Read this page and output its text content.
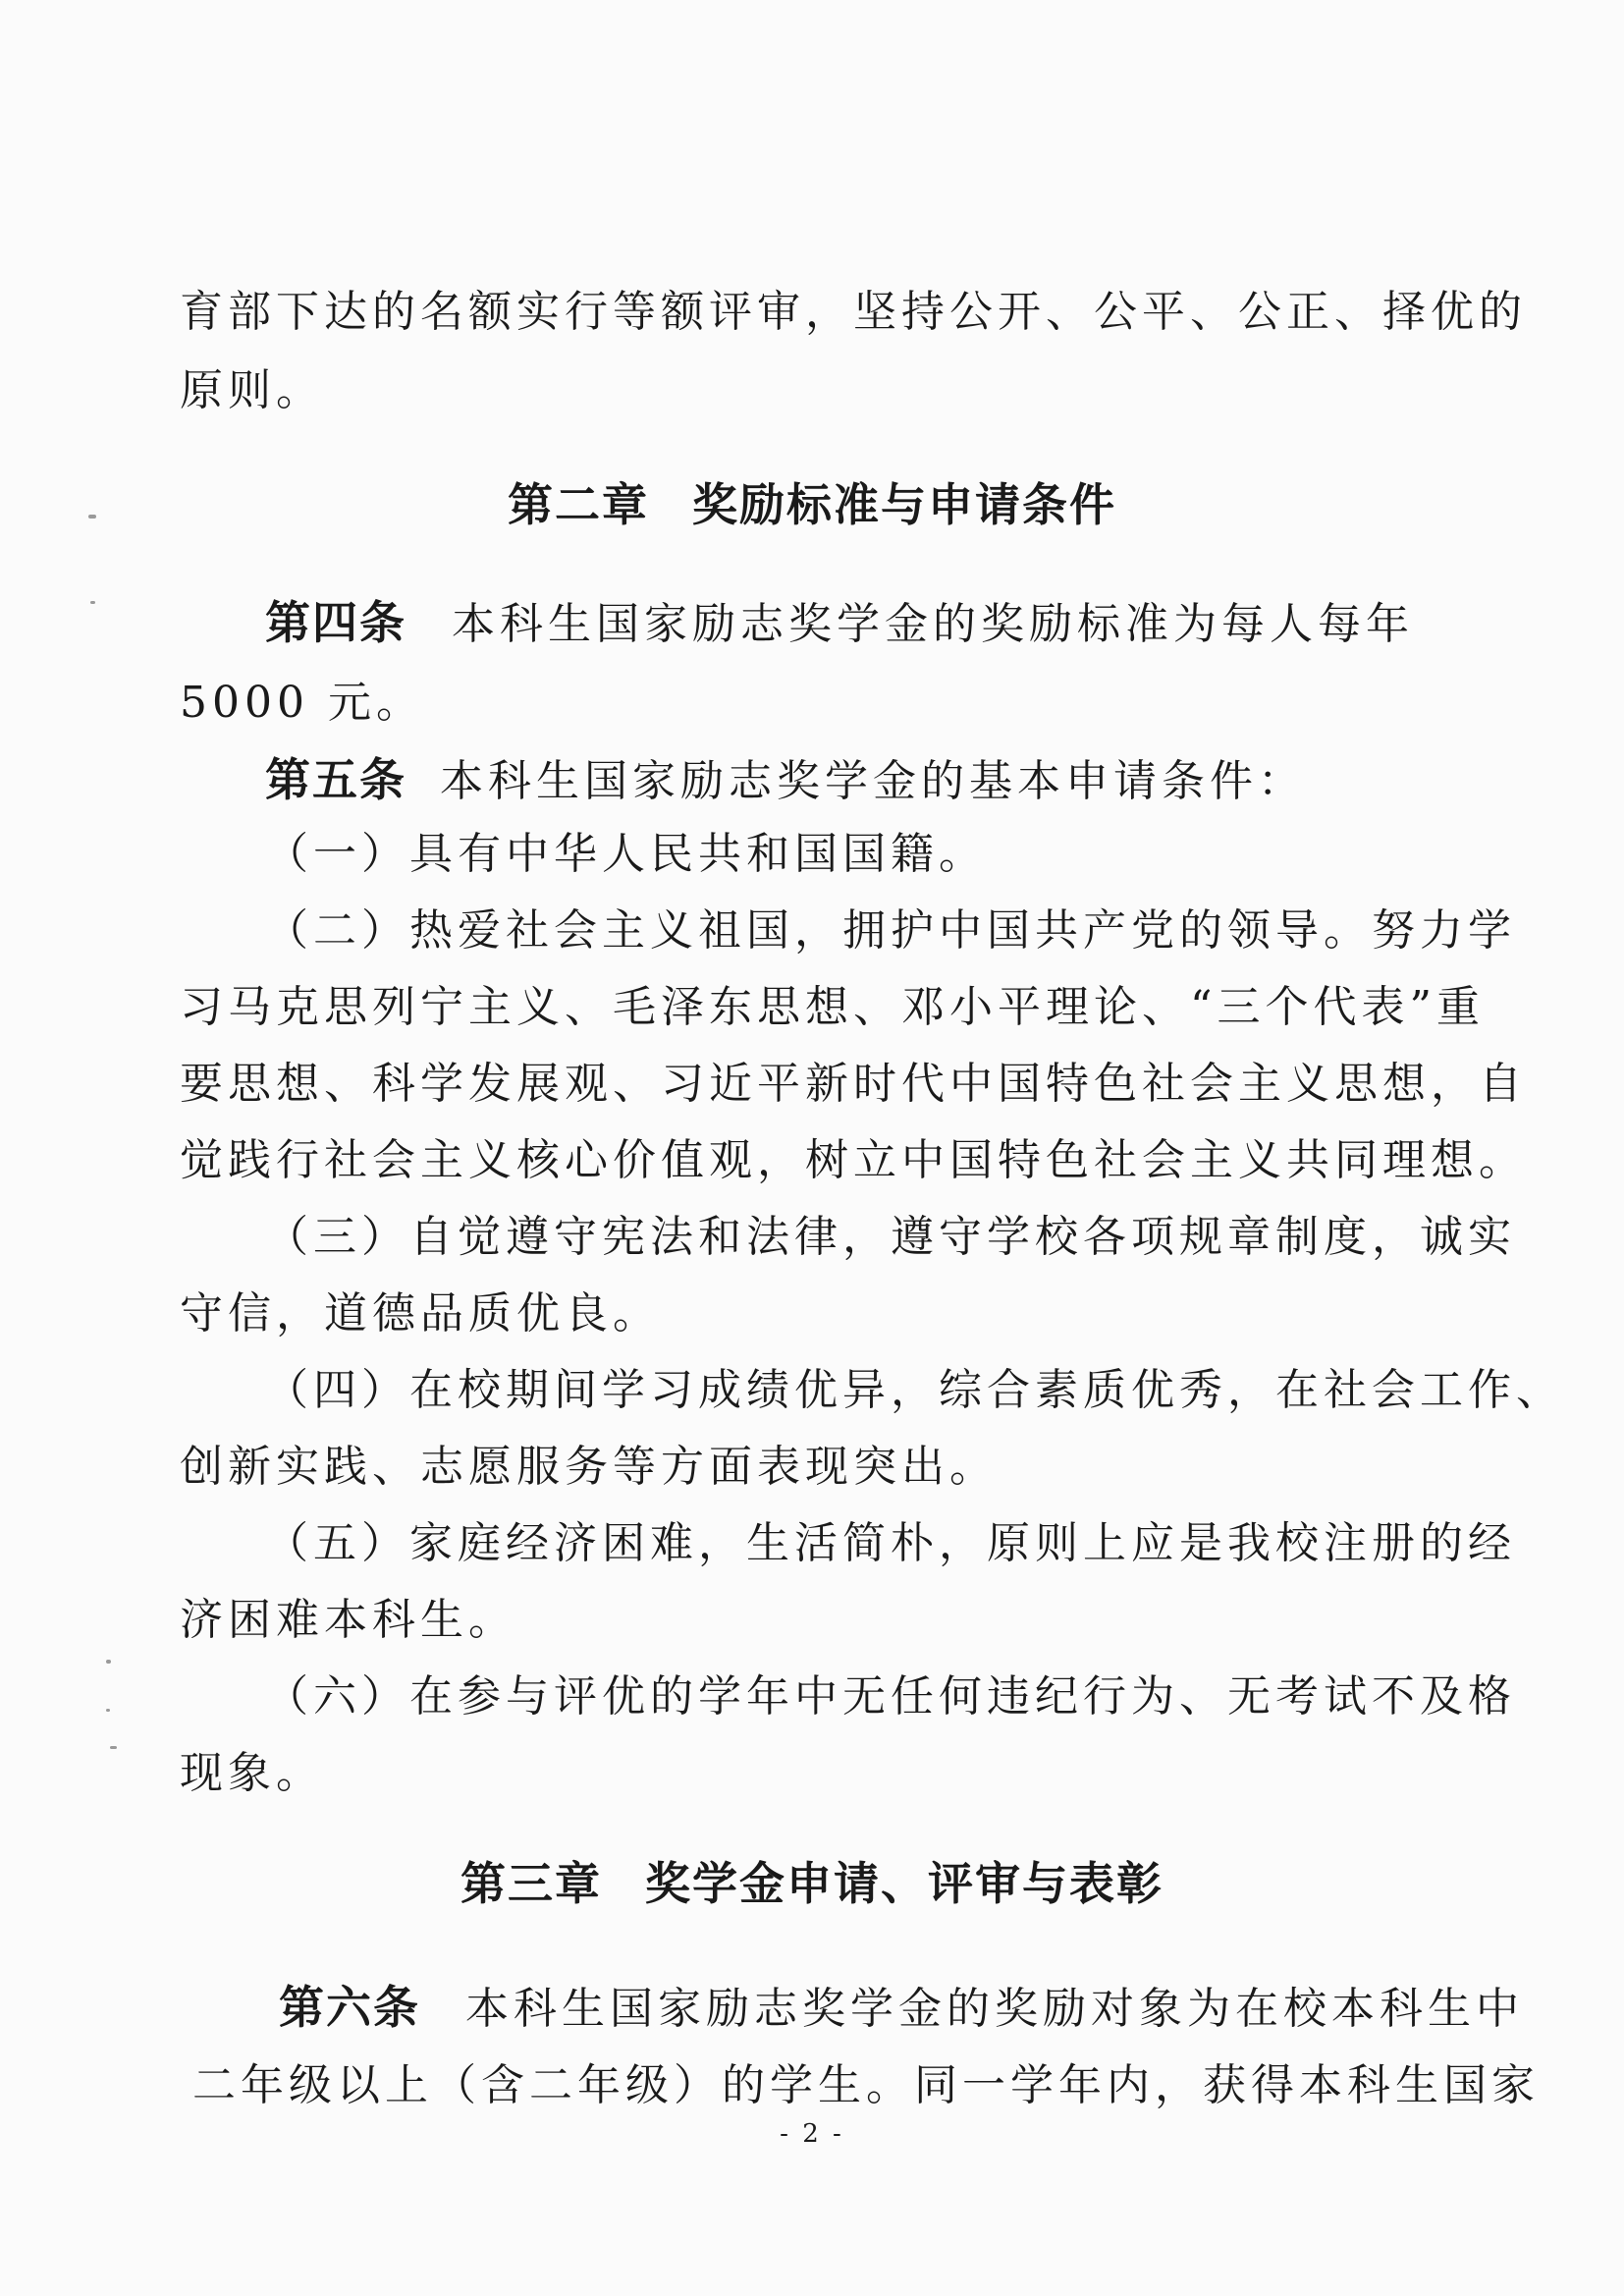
育部下达的名额实行等额评审，坚持公开、公平、公正、择优的
原则。
第二章 奖励标准与申请条件
第四条 本科生国家励志奖学金的奖励标准为每人每年
5000 元。
第五条 本科生国家励志奖学金的基本申请条件：
（一）具有中华人民共和国国籍。
（二）热爱社会主义祖国，拥护中国共产党的领导。努力学
习马克思列宁主义、毛泽东思想、邓小平理论、“三个代表”重
要思想、科学发展观、习近平新时代中国特色社会主义思想，自
觉践行社会主义核心价值观，树立中国特色社会主义共同理想。
（三）自觉遵守宪法和法律，遵守学校各项规章制度，诚实
守信，道德品质优良。
（四）在校期间学习成绩优异，综合素质优秀，在社会工作、
创新实践、志愿服务等方面表现突出。
（五）家庭经济困难，生活简朴，原则上应是我校注册的经
济困难本科生。
（六）在参与评优的学年中无任何违纪行为、无考试不及格
现象。
第三章 奖学金申请、评审与表彰
第六条 本科生国家励志奖学金的奖励对象为在校本科生中
二年级以上（含二年级）的学生。同一学年内，获得本科生国家
- 2 -
